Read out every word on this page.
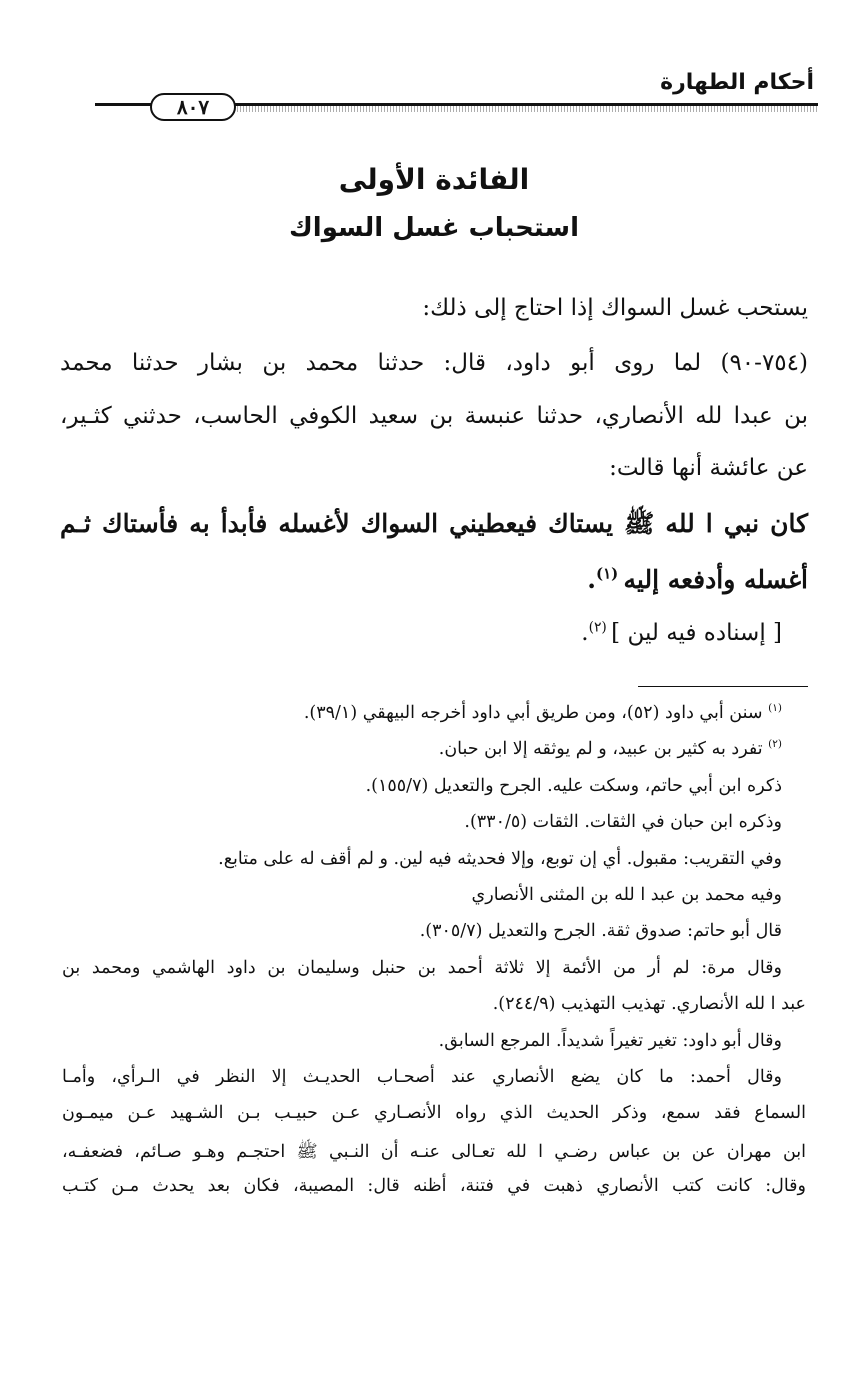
أحكام الطهارة
٨٠٧
الفائدة الأولى
استحباب غسل السواك
يستحب غسل السواك إذا احتاج إلى ذلك:
(٧٥٤-٩٠) لما روى أبو داود، قال: حدثنا محمد بن بشار حدثنا محمد
بن عبدا لله الأنصاري، حدثنا عنبسة بن سعيد الكوفي الحاسب، حدثني كثـير،
عن عائشة أنها قالت:
كان نبي ا لله ﷺ يستاك فيعطيني السواك لأغسله فأبدأ به فأستاك ثـم
أغسله وأدفعه إليه $^{(١)}$.
[ إسناده فيه لين ] $^{(٢)}$.
$^{(١)}$ سنن أبي داود (٥٢)، ومن طريق أبي داود أخرجه البيهقي (٣٩/١).
$^{(٢)}$ تفرد به كثير بن عبيد، و لم يوثقه إلا ابن حبان.
ذكره ابن أبي حاتم، وسكت عليه. الجرح والتعديل (١٥٥/٧).
وذكره ابن حبان في الثقات. الثقات (٣٣٠/٥).
وفي التقريب: مقبول. أي إن توبع، وإلا فحديثه فيه لين. و لم أقف له على متابع.
وفيه محمد بن عبد ا لله بن المثنى الأنصاري
قال أبو حاتم: صدوق ثقة. الجرح والتعديل (٣٠٥/٧).
وقال مرة: لم أر من الأئمة إلا ثلاثة أحمد بن حنبل وسليمان بن داود الهاشمي ومحمد بن
عبد ا لله الأنصاري. تهذيب التهذيب (٢٤٤/٩).
وقال أبو داود: تغير تغيراً شديداً. المرجع السابق.
وقال أحمد: ما كان يضع الأنصاري عند أصحـاب الحديـث إلا النظر في الـرأي، وأمـا
السماع فقد سمع، وذكر الحديث الذي رواه الأنصـاري عـن حبيـب بـن الشـهيد عـن ميمـون
ابن مهران عن بن عباس رضـي ا لله تعـالى عنـه أن النـبي ﷺ احتجـم وهـو صـائم، فضعفـه،
وقال: كانت كتب الأنصاري ذهبت في فتنة، أظنه قال: المصيبة، فكان بعد يحدث مـن كتـب
